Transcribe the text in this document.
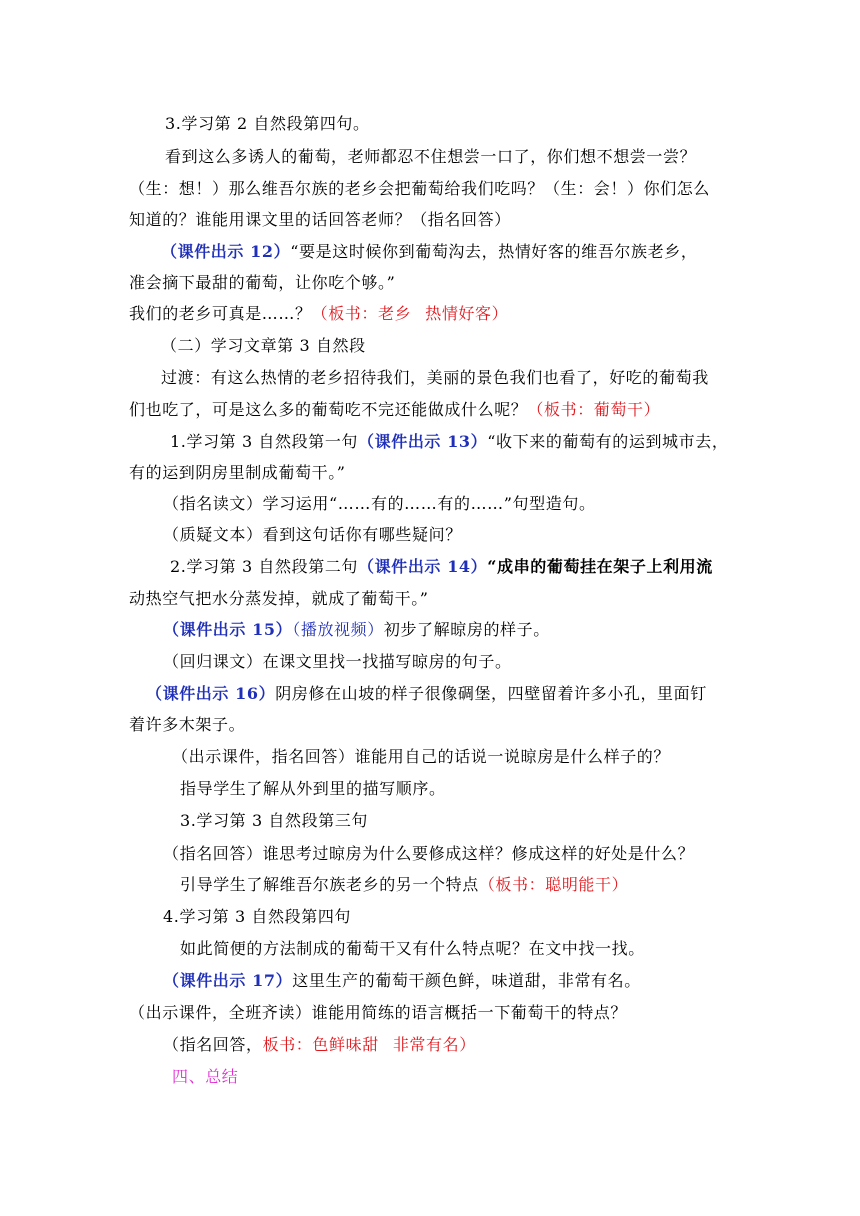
3.学习第 2 自然段第四句。
看到这么多诱人的葡萄，老师都忍不住想尝一口了，你们想不想尝一尝？
（生：想！）那么维吾尔族的老乡会把葡萄给我们吃吗？（生：会！）你们怎么
知道的？谁能用课文里的话回答老师？（指名回答）
（课件出示 12）“要是这时候你到葡萄沟去，热情好客的维吾尔族老乡，
准会摘下最甜的葡萄，让你吃个够。”
我们的老乡可真是……？（板书：老乡 热情好客）
（二）学习文章第 3 自然段
过渡：有这么热情的老乡招待我们，美丽的景色我们也看了，好吃的葡萄我
们也吃了，可是这么多的葡萄吃不完还能做成什么呢？（板书：葡萄干）
1.学习第 3 自然段第一句（课件出示 13）“收下来的葡萄有的运到城市去，
有的运到阴房里制成葡萄干。”
（指名读文）学习运用“……有的……有的……”句型造句。
（质疑文本）看到这句话你有哪些疑问？
2.学习第 3 自然段第二句（课件出示 14）“成串的葡萄挂在架子上利用流
动热空气把水分蒸发掉，就成了葡萄干。”
（课件出示 15）（播放视频）初步了解晾房的样子。
（回归课文）在课文里找一找描写晾房的句子。
（课件出示 16）阴房修在山坡的样子很像碉堡，四壁留着许多小孔，里面钉
着许多木架子。
（出示课件，指名回答）谁能用自己的话说一说晾房是什么样子的？
指导学生了解从外到里的描写顺序。
3.学习第 3 自然段第三句
（指名回答）谁思考过晾房为什么要修成这样？修成这样的好处是什么？
引导学生了解维吾尔族老乡的另一个特点（板书：聪明能干）
4.学习第 3 自然段第四句
如此简便的方法制成的葡萄干又有什么特点呢？在文中找一找。
（课件出示 17）这里生产的葡萄干颜色鲜，味道甜，非常有名。
（出示课件，全班齐读）谁能用简练的语言概括一下葡萄干的特点？
（指名回答，板书：色鲜味甜 非常有名）
四、总结
